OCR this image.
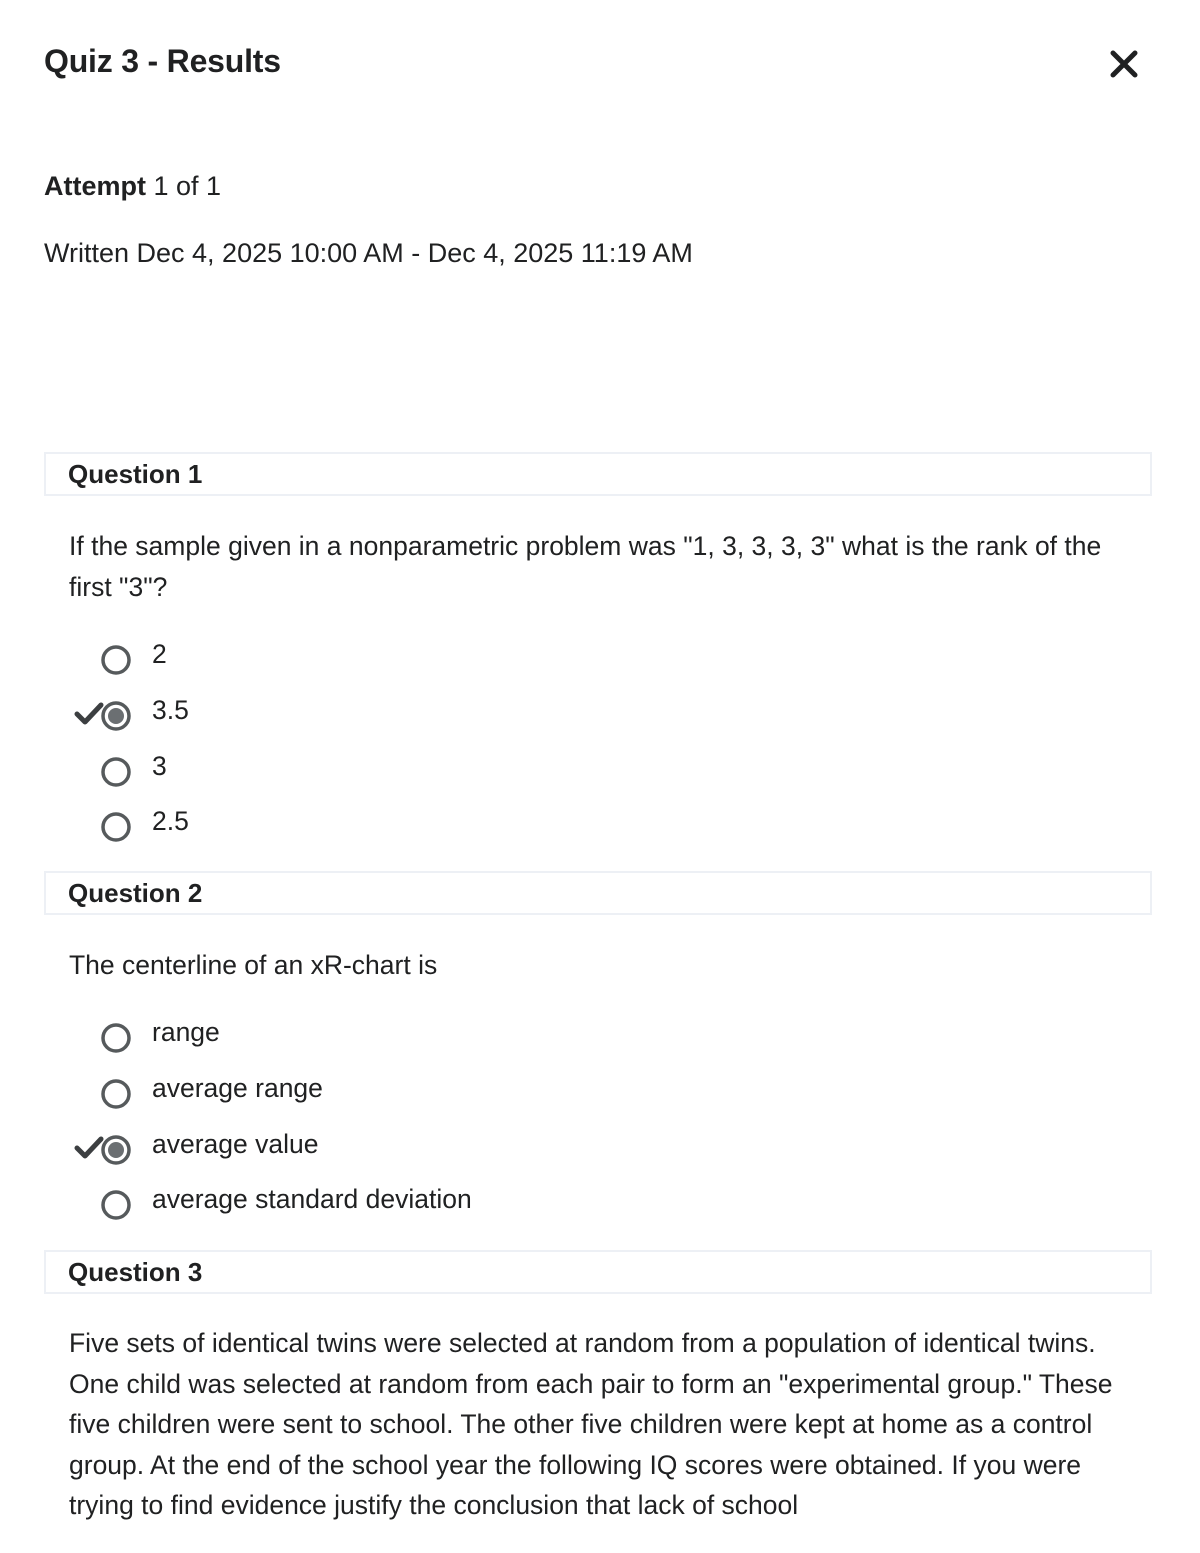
Quiz 3 - Results

Attempt 1 of 1

Written Dec 4, 2025 10:00 AM - Dec 4, 2025 11:19 AM

Question 1

If the sample given in a nonparametric problem was "1, 3, 3, 3, 3" what is the rank of the first "3"?

2
3.5
3
2.5
Question 2

The centerline of an xR-chart is

range
average range
average value
average standard deviation
Question 3

Five sets of identical twins were selected at random from a population of identical twins. One child was selected at random from each pair to form an "experimental group." These five children were sent to school. The other five children were kept at home as a control group. At the end of the school year the following IQ scores were obtained. If you were trying to find evidence justify the conclusion that lack of school
